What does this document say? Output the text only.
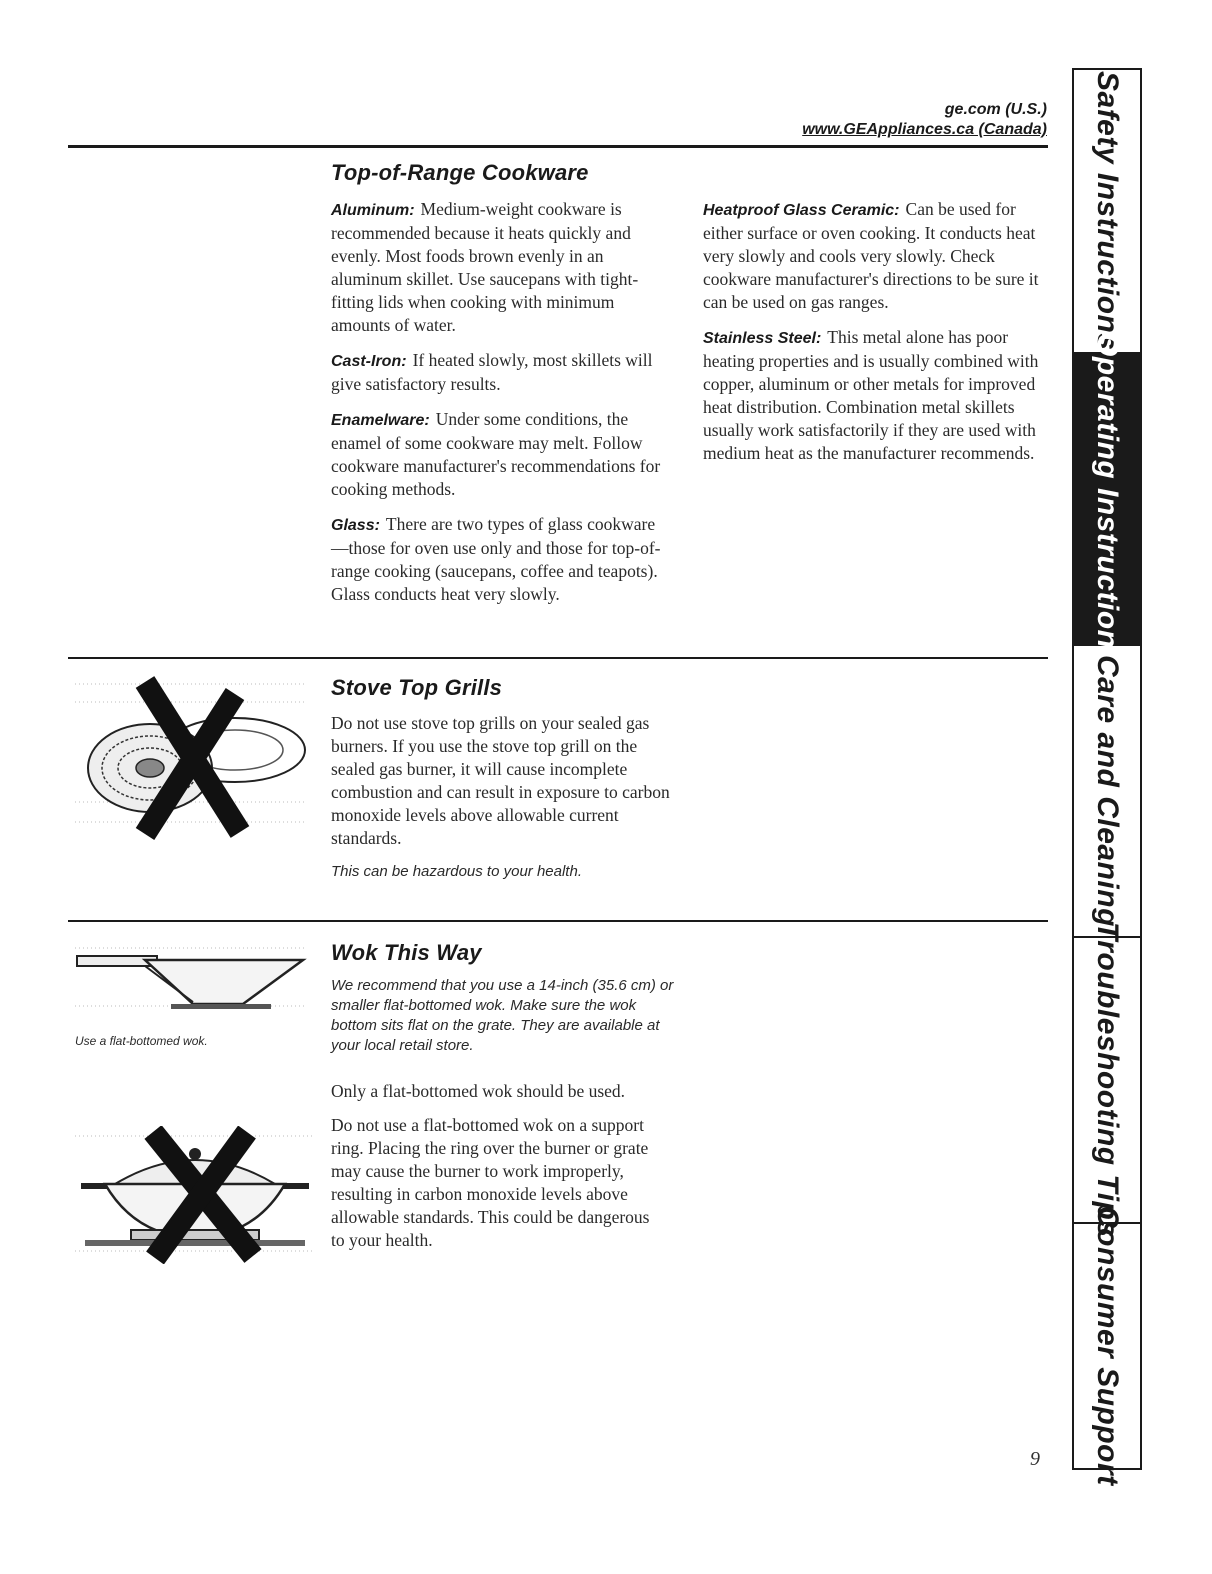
ge.com (U.S.)
www.GEAppliances.ca (Canada)
Top-of-Range Cookware

Aluminum: Medium-weight cookware is recommended because it heats quickly and evenly. Most foods brown evenly in an aluminum skillet. Use saucepans with tight-fitting lids when cooking with minimum amounts of water.

Cast-Iron: If heated slowly, most skillets will give satisfactory results.

Enamelware: Under some conditions, the enamel of some cookware may melt. Follow cookware manufacturer's recommendations for cooking methods.

Glass: There are two types of glass cookware—those for oven use only and those for top-of-range cooking (saucepans, coffee and teapots). Glass conducts heat very slowly.

Heatproof Glass Ceramic: Can be used for either surface or oven cooking. It conducts heat very slowly and cools very slowly. Check cookware manufacturer's directions to be sure it can be used on gas ranges.

Stainless Steel: This metal alone has poor heating properties and is usually combined with copper, aluminum or other metals for improved heat distribution. Combination metal skillets usually work satisfactorily if they are used with medium heat as the manufacturer recommends.

Stove Top Grills
Do not use stove top grills on your sealed gas burners. If you use the stove top grill on the sealed gas burner, it will cause incomplete combustion and can result in exposure to carbon monoxide levels above allowable current standards.
This can be hazardous to your health.
Use a flat-bottomed wok.
Wok This Way
We recommend that you use a 14-inch (35.6 cm) or smaller flat-bottomed wok. Make sure the wok bottom sits flat on the grate. They are available at your local retail store.
Only a flat-bottomed wok should be used.
Do not use a flat-bottomed wok on a support ring. Placing the ring over the burner or grate may cause the burner to work improperly, resulting in carbon monoxide levels above allowable standards. This could be dangerous to your health.
Safety Instructions
Operating Instructions
Care and Cleaning
Troubleshooting Tips
Consumer Support
9
